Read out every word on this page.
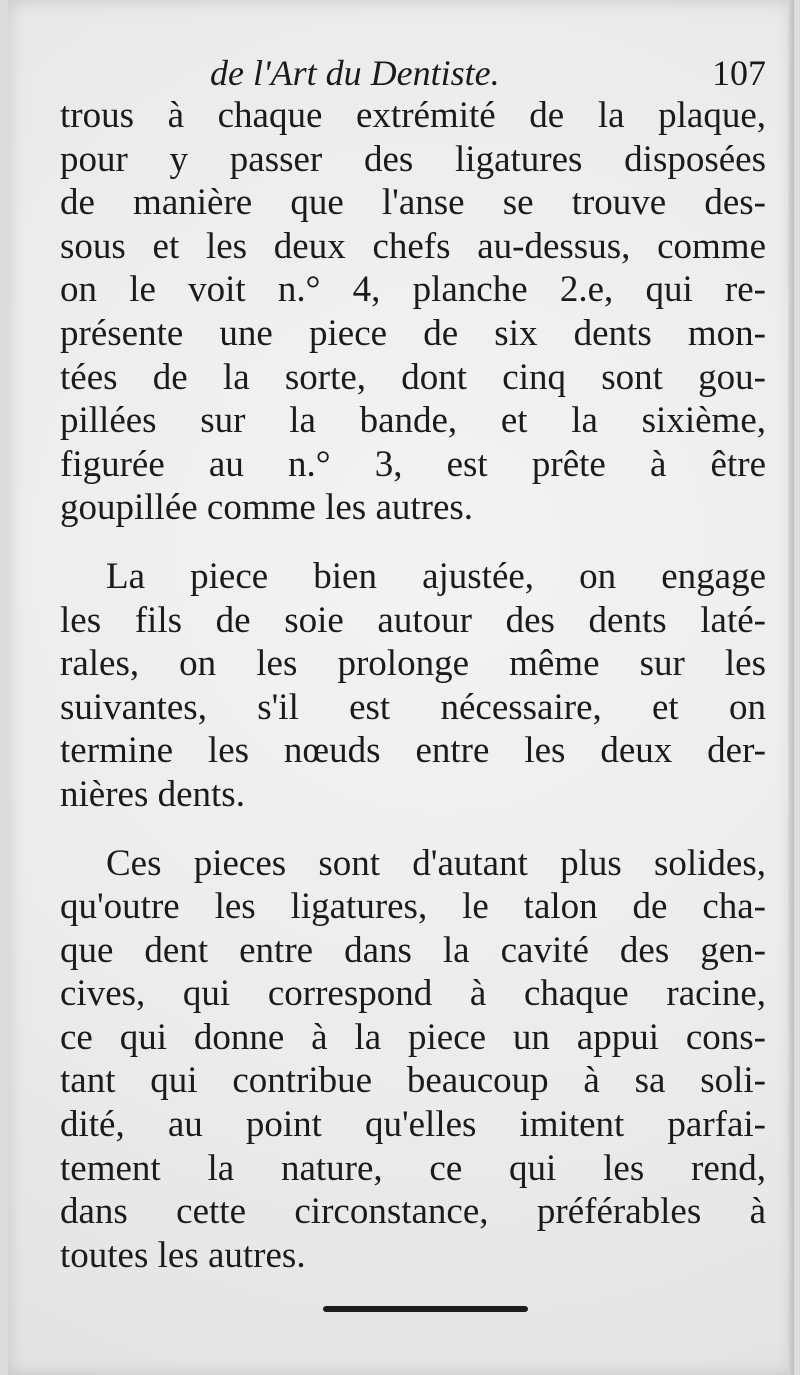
de l'Art du Dentiste.	107
trous à chaque extrémité de la plaque,
pour y passer des ligatures disposées
de manière que l'anse se trouve des-
sous et les deux chefs au-dessus, comme
on le voit n.° 4, planche 2.e, qui re-
présente une piece de six dents mon-
tées de la sorte, dont cinq sont gou-
pillées sur la bande, et la sixième,
figurée au n.° 3, est prête à être
goupillée comme les autres.
La piece bien ajustée, on engage
les fils de soie autour des dents laté-
rales, on les prolonge même sur les
suivantes, s'il est nécessaire, et on
termine les nœuds entre les deux der-
nières dents.
Ces pieces sont d'autant plus solides,
qu'outre les ligatures, le talon de cha-
que dent entre dans la cavité des gen-
cives, qui correspond à chaque racine,
ce qui donne à la piece un appui cons-
tant qui contribue beaucoup à sa soli-
dité, au point qu'elles imitent parfai-
tement la nature, ce qui les rend,
dans cette circonstance, préférables à
toutes les autres.
